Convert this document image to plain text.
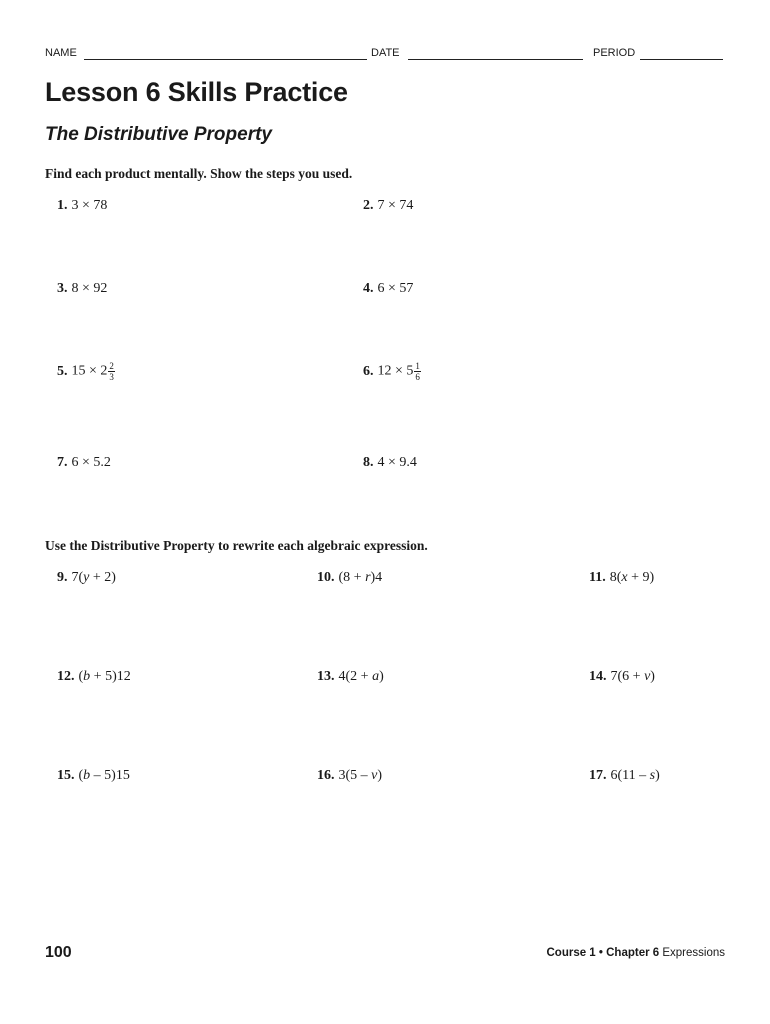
NAME	DATE	PERIOD
Lesson 6 Skills Practice
The Distributive Property
Find each product mentally. Show the steps you used.
1. 3 × 78	2. 7 × 74
3. 8 × 92	4. 6 × 57
5. $15 \times 2 \frac{2}{3}$	6. $12 \times 5 \frac{1}{6}$
7. 6 × 5.2	8. 4 × 9.4
Use the Distributive Property to rewrite each algebraic expression.
9. 7(y + 2)	10. (8 + r)4	11. 8(x + 9)
12. (b + 5)12	13. 4(2 + a)	14. 7(6 + v)
15. (b – 5)15	16. 3(5 – v)	17. 6(11 – s)
100	Course 1 • Chapter 6 Expressions
